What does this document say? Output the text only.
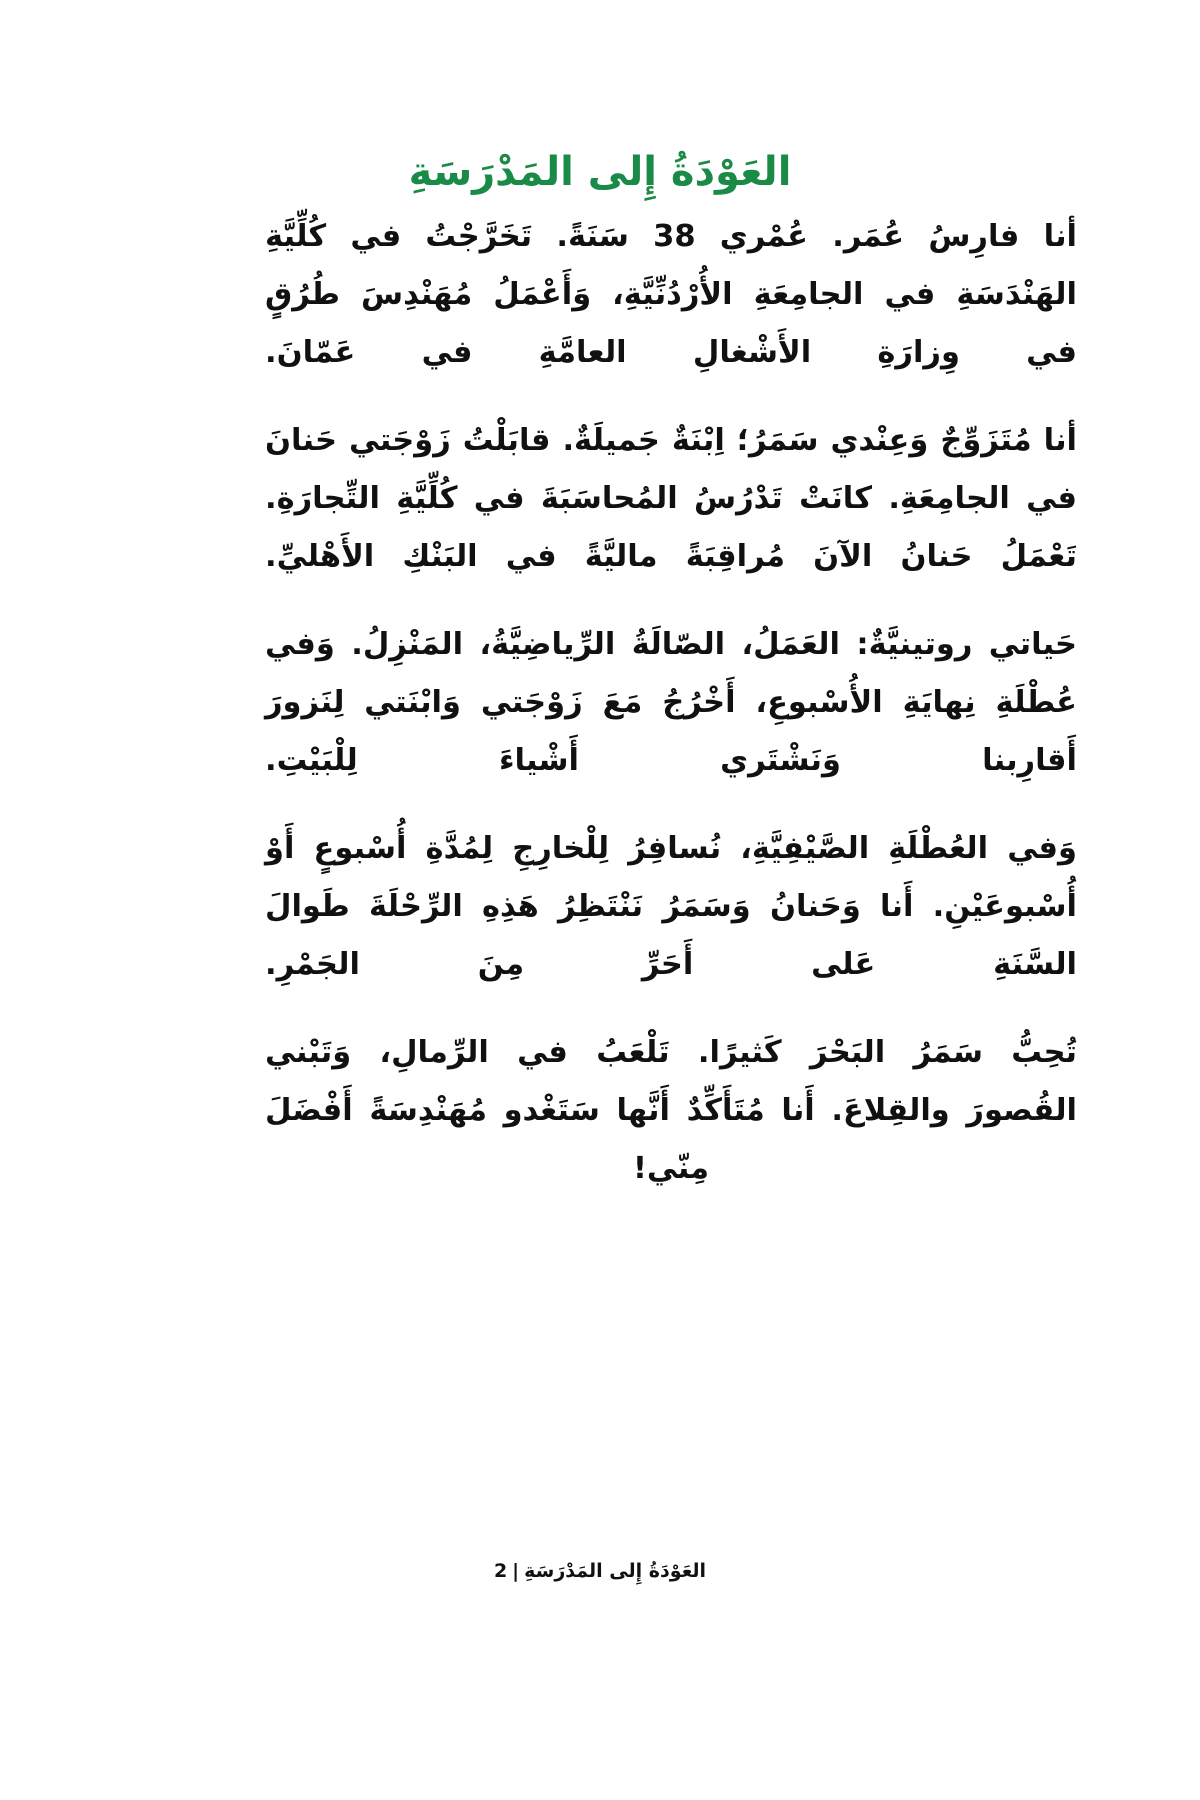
العَوْدَةُ إِلى المَدْرَسَةِ

أنا فارس عمر. عمري 38 سنة. تخرجت في كلية الهندسة في الجامعة الأردنية، وأعمل مهندس طرق في وزارة الأشغال العامة في عمان.

أنا متزوج وعندي سمر؛ ابنة جميلة. قابلت زوجتي حنان في الجامعة. كانت تدرس المحاسبة في كلية التجارة. تعمل حنان الآن مراقبة مالية في البنك الأهلي.

حياتي روتينية: العمل، الصالة الرياضية، المنزل. وفي عطلة نهاية الأسبوع، أخرج مع زوجتي وابنتي لنزور أقاربنا ونشتري أشياء للبيت.

وفي العطلة الصيفية، نسافر للخارج لمدة أسبوع أو أسبوعين. أنا وحنان وسمر ننتظر هذه الرحلة طوال السنة على أحر من الجمر.

تحب سمر البحر كثيرا. تلعب في الرمال، وتبني القصور والقلاع. أنا متأكد أنها ستغدو مهندسة أفضل مني!

العودة إلى المدرسة|2
